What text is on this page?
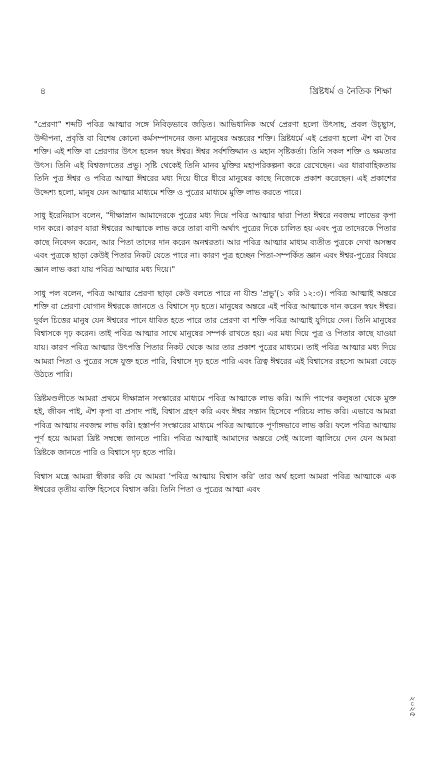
৪	খ্রিষ্টধর্ম ও নৈতিক শিক্ষা

"প্রেরণা" শব্দটি পবিত্র আত্মার সঙ্গে নিবিড়ভাবে জড়িত। আভিধানিক অর্থে প্রেরণা হলো উৎসাহ, প্রবল উচ্ছ্বাস, উদ্দীপনা, প্রবৃত্তি বা বিশেষ কোনো কর্মসম্পাদনের জন্য মানুষের অন্তরের শক্তি। খ্রিষ্টধর্মে এই প্রেরণা হলো ঐশ বা দৈব শক্তি। এই শক্তি বা প্রেরণার উৎস হলেন স্বয়ং ঈশ্বর। ঈশ্বর সর্বশক্তিমান ও মহান সৃষ্টিকর্তা। তিনি সকল শক্তি ও ক্ষমতার উৎস। তিনি এই বিশ্বজগতের প্রভু। সৃষ্টি থেকেই তিনি মানব মুক্তির মহাপরিকল্পনা করে রেখেছেন। এর ধারাবাহিকতায় তিনি পুত্র ঈশ্বর ও পবিত্র আত্মা ঈশ্বরের মধ্য দিয়ে ধীরে ধীরে মানুষের কাছে নিজেকে প্রকাশ করেছেন। এই প্রকাশের উদ্দেশ্য হলো, মানুষ যেন আত্মার মাধ্যমে শক্তি ও পুত্রের মাধ্যমে মুক্তি লাভ করতে পারে।

সাধু ইরেনিয়াস বলেন, "দীক্ষাস্নান আমাদেরকে পুত্রের মধ্য দিয়ে পবিত্র আত্মার দ্বারা পিতা ঈশ্বরে নবজন্ম লাভের কৃপা দান করে। কারণ যারা ঈশ্বরের আত্মাকে লাভ করে তারা বাণী অর্থাৎ পুত্রের দিকে চালিত হয় এবং পুত্র তাদেরকে পিতার কাছে নিবেদন করেন, আর পিতা তাদের দান করেন অনশ্বরতা। আর পবিত্র আত্মার মাধ্যম ব্যতীত পুত্রকে দেখা অসম্ভব এবং পুত্রকে ছাড়া কেউই পিতার নিকট যেতে পারে না। কারণ পুত্র হচ্ছেন পিতা-সম্পর্কিত জ্ঞান এবং ঈশ্বর-পুত্রের বিষয়ে জ্ঞান লাভ করা যায় পবিত্র আত্মার মধ্য দিয়ে।"

সাধু পল বলেন, পবিত্র আত্মার প্রেরণা ছাড়া কেউ বলতে পারে না যীশু 'প্রভু'(১ করি ১২:৩)। পবিত্র আত্মাই অন্তরে শক্তি বা প্রেরণা যোগান ঈশ্বরকে জানতে ও বিশ্বাসে দৃঢ় হতে। মানুষের অন্তরে এই পবিত্র আত্মাকে দান করেন স্বয়ং ঈশ্বর। দুর্বল চিত্তের মানুষ যেন ঈশ্বরের পানে ধাবিত হতে পারে তার প্রেরণা বা শক্তি পবিত্র আত্মাই যুগিয়ে দেন। তিনি মানুষের বিশ্বাসকে দৃঢ় করেন। তাই পবিত্র আত্মার সাথে মানুষের সম্পর্ক রাখতে হয়। এর মধ্য দিয়ে পুত্র ও পিতার কাছে যাওয়া যায়। কারণ পবিত্র আত্মার উৎপত্তি পিতার নিকট থেকে আর তার প্রকাশ পুত্রের মাধ্যমে। তাই পবিত্র আত্মার মধ্য দিয়ে আমরা পিতা ও পুত্রের সঙ্গে যুক্ত হতে পারি, বিশ্বাসে দৃঢ় হতে পারি এবং ত্রিত্ব ঈশ্বরের এই বিশ্বাসের রহস্যে আমরা বেড়ে উঠতে পারি।

খ্রিষ্টমণ্ডলীতে আমরা প্রথমে দীক্ষাস্নান সংস্কারের মাধ্যমে পবিত্র আত্মাকে লাভ করি। আদি পাপের কলুষতা থেকে মুক্ত হই, জীবন পাই, ঐশ কৃপা বা প্রসাদ পাই, বিশ্বাস গ্রহণ করি এবং ঈশ্বর সন্তান হিসেবে পরিচয় লাভ করি। এভাবে আমরা পবিত্র আত্মায় নবজন্ম লাভ করি। হস্তার্পণ সংস্কারের মাধ্যমে পবিত্র আত্মাকে পূর্ণাঙ্গভাবে লাভ করি। ফলে পবিত্র আত্মায় পূর্ণ হয়ে আমরা খ্রিষ্ট সম্বন্ধে জানতে পারি। পবিত্র আত্মাই আমাদের অন্তরে সেই আলো জ্বালিয়ে দেন যেন আমরা খ্রিষ্টকে জানতে পারি ও বিশ্বাসে দৃঢ় হতে পারি।

বিশ্বাস মন্ত্রে আমরা স্বীকার করি যে আমরা 'পবিত্র আত্মায় বিশ্বাস করি' তার অর্থ হলো আমরা পবিত্র আত্মাকে এক ঈশ্বরের তৃতীয় ব্যক্তি হিসেবে বিশ্বাস করি। তিনি পিতা ও পুত্রের আত্মা এবং

২০২৫
